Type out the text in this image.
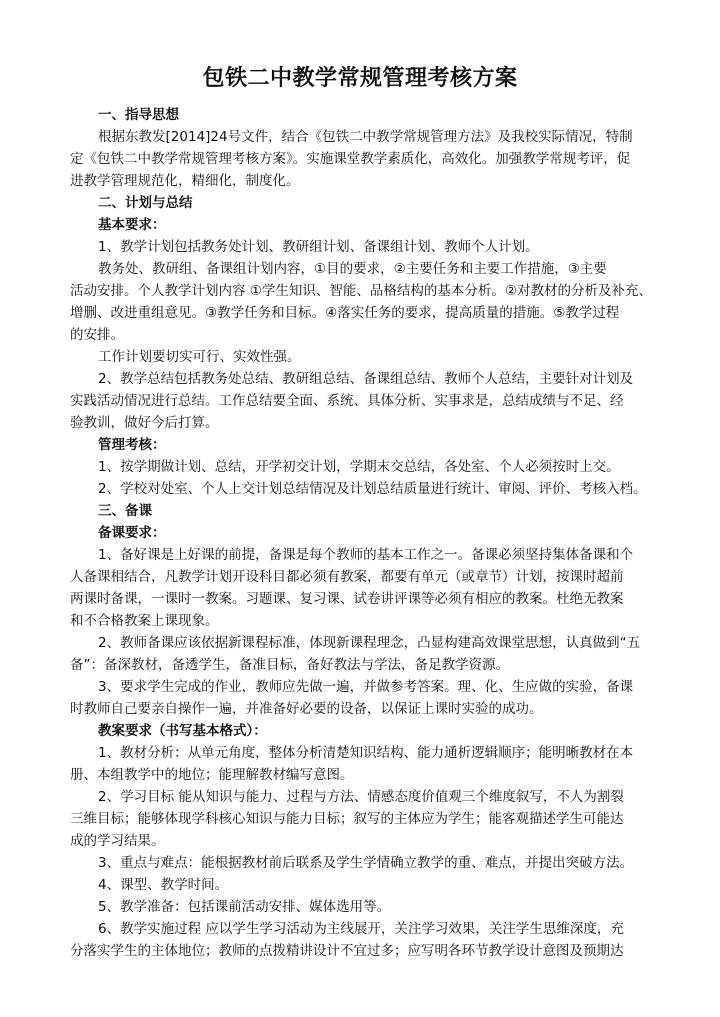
包铁二中教学常规管理考核方案
一、指导思想
根据东教发[2014]24号文件，结合《包铁二中教学常规管理方法》及我校实际情况，特制
定《包铁二中教学常规管理考核方案》。实施课堂教学素质化，高效化。加强教学常规考评，促
进教学管理规范化，精细化，制度化。
二、计划与总结
基本要求：
1、教学计划包括教务处计划、教研组计划、备课组计划、教师个人计划。
教务处、教研组、备课组计划内容，①目的要求，②主要任务和主要工作措施，③主要
活动安排。个人教学计划内容 ①学生知识、智能、品格结构的基本分析。②对教材的分析及补充、
增删、改进重组意见。③教学任务和目标。④落实任务的要求，提高质量的措施。⑤教学过程
的安排。
工作计划要切实可行、实效性强。
2、教学总结包括教务处总结、教研组总结、备课组总结、教师个人总结，主要针对计划及
实践活动情况进行总结。工作总结要全面、系统、具体分析、实事求是，总结成绩与不足、经
验教训，做好今后打算。
管理考核：
1、按学期做计划、总结，开学初交计划，学期末交总结，各处室、个人必须按时上交。
2、学校对处室、个人上交计划总结情况及计划总结质量进行统计、审阅、评价、考核入档。
三、备课
备课要求：
1、备好课是上好课的前提，备课是每个教师的基本工作之一。备课必须坚持集体备课和个
人备课相结合，凡教学计划开设科目都必须有教案，都要有单元（或章节）计划，按课时超前
两课时备课，一课时一教案。习题课、复习课、试卷讲评课等必须有相应的教案。杜绝无教案
和不合格教案上课现象。
2、教师备课应该依据新课程标准，体现新课程理念，凸显构建高效课堂思想，认真做到“五
备”：备深教材，备透学生，备准目标，备好教法与学法，备足教学资源。
3、要求学生完成的作业，教师应先做一遍，并做参考答案。理、化、生应做的实验，备课
时教师自己要亲自操作一遍，并准备好必要的设备，以保证上课时实验的成功。
教案要求（书写基本格式）：
1、教材分析：从单元角度，整体分析清楚知识结构、能力通析逻辑顺序；能明晰教材在本
册、本组教学中的地位；能理解教材编写意图。
2、学习目标 能从知识与能力、过程与方法、情感态度价值观三个维度叙写，不人为割裂
三维目标；能够体现学科核心知识与能力目标；叙写的主体应为学生；能客观描述学生可能达
成的学习结果。
3、重点与难点：能根据教材前后联系及学生学情确立教学的重、难点，并提出突破方法。
4、课型、教学时间。
5、教学准备：包括课前活动安排、媒体选用等。
6、教学实施过程 应以学生学习活动为主线展开，关注学习效果，关注学生思维深度，充
分落实学生的主体地位；教师的点拨精讲设计不宜过多；应写明各环节教学设计意图及预期达
